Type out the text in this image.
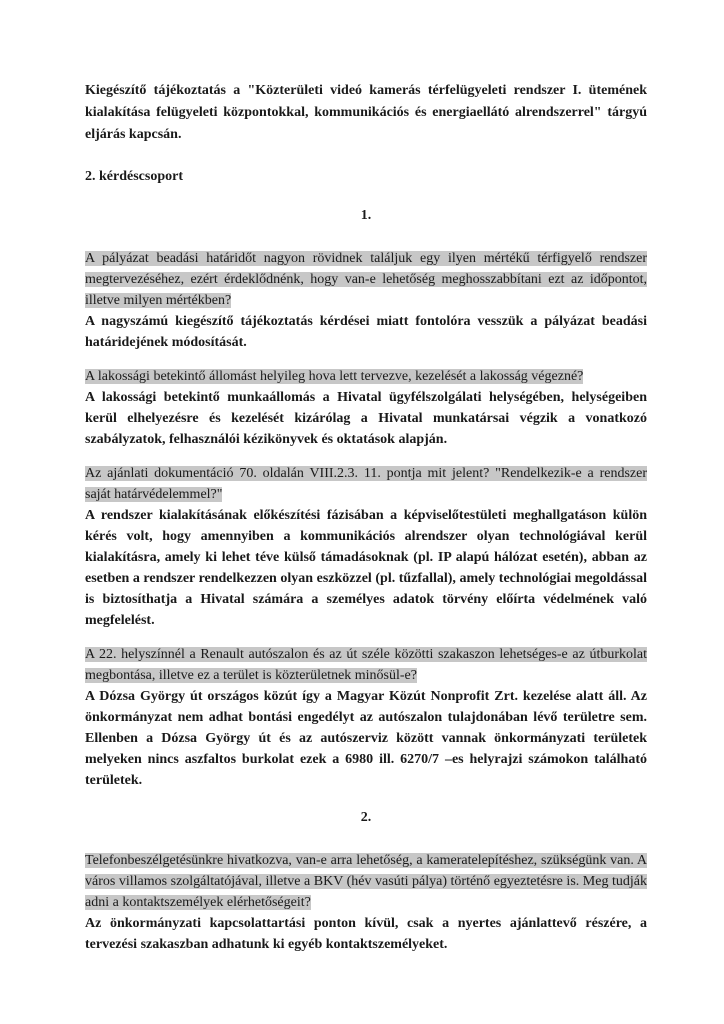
Kiegészítő tájékoztatás a "Közterületi videó kamerás térfelügyeleti rendszer I. ütemének kialakítása felügyeleti központokkal, kommunikációs és energiaellátó alrendszerrel" tárgyú eljárás kapcsán.

2. kérdéscsoport

1.

A pályázat beadási határidőt nagyon rövidnek találjuk egy ilyen mértékű térfigyelő rendszer megtervezéséhez, ezért érdeklődnénk, hogy van-e lehetőség meghosszabbítani ezt az időpontot, illetve milyen mértékben?

A nagyszámú kiegészítő tájékoztatás kérdései miatt fontolóra vesszük a pályázat beadási határidejének módosítását.

A lakossági betekintő állomást helyileg hova lett tervezve, kezelését a lakosság végezné?

A lakossági betekintő munkaállomás a Hivatal ügyfélszolgálati helységében, helységeiben kerül elhelyezésre és kezelését kizárólag a Hivatal munkatársai végzik a vonatkozó szabályzatok, felhasználói kézikönyvek és oktatások alapján.

Az ajánlati dokumentáció 70. oldalán VIII.2.3. 11. pontja mit jelent? "Rendelkezik-e a rendszer saját határvédelemmel?"

A rendszer kialakításának előkészítési fázisában a képviselőtestületi meghallgatáson külön kérés volt, hogy amennyiben a kommunikációs alrendszer olyan technológiával kerül kialakításra, amely ki lehet téve külső támadásoknak (pl. IP alapú hálózat esetén), abban az esetben a rendszer rendelkezzen olyan eszközzel (pl. tűzfallal), amely technológiai megoldással is biztosíthatja a Hivatal számára a személyes adatok törvény előírta védelmének való megfelelést.

A 22. helyszínnél a Renault autószalon és az út széle közötti szakaszon lehetséges-e az útburkolat megbontása, illetve ez a terület is közterületnek minősül-e?

A Dózsa György út országos közút így a Magyar Közút Nonprofit Zrt. kezelése alatt áll. Az önkormányzat nem adhat bontási engedélyt az autószalon tulajdonában lévő területre sem. Ellenben a Dózsa György út és az autószerviz között vannak önkormányzati területek melyeken nincs aszfaltos burkolat ezek a 6980 ill. 6270/7 –es helyrajzi számokon található területek.

2.

Telefonbeszélgetésünkre hivatkozva, van-e arra lehetőség, a kameratelepítéshez, szükségünk van. A város villamos szolgáltatójával, illetve a BKV (hév vasúti pálya) történő egyeztetésre is. Meg tudják adni a kontaktszemélyek elérhetőségeit?

Az önkormányzati kapcsolattartási ponton kívül, csak a nyertes ajánlattevő részére, a tervezési szakaszban adhatunk ki egyéb kontaktszemélyeket.
